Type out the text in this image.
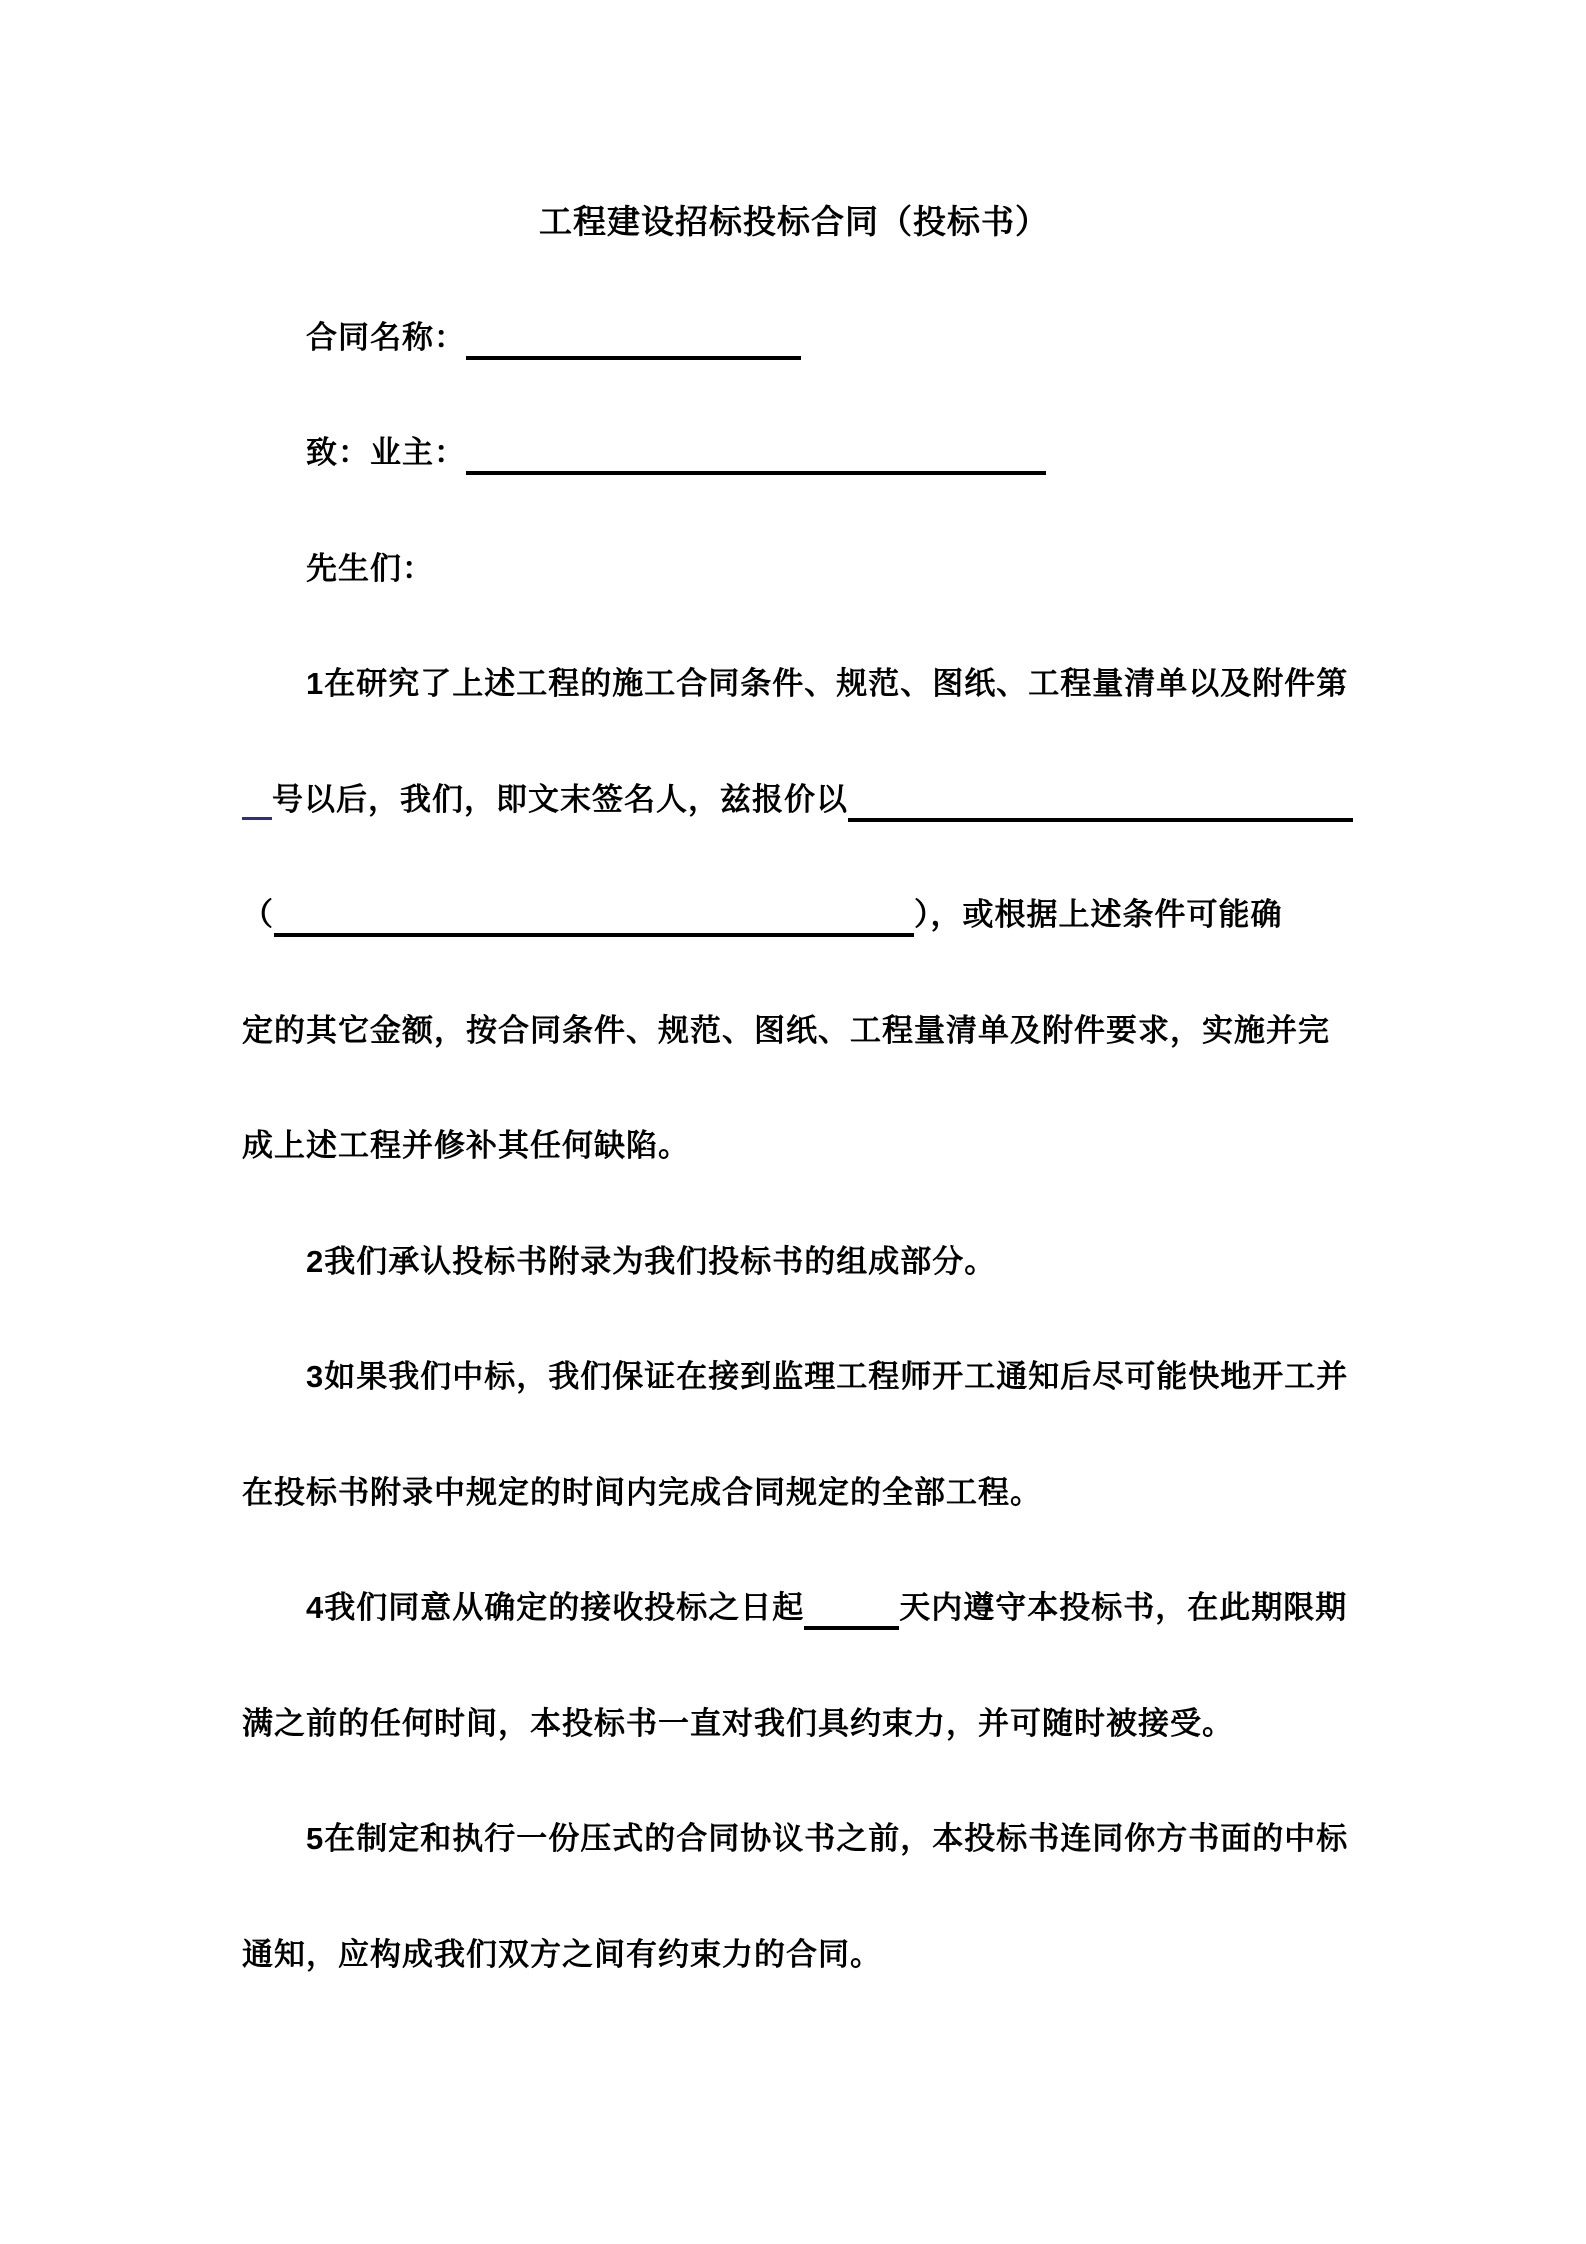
工程建设招标投标合同（投标书）
合同名称：
致：业主：
先生们：
1在研究了上述工程的施工合同条件、规范、图纸、工程量清单以及附件第
号以后，我们，即文末签名人，兹报价以
（	），或根据上述条件可能确
定的其它金额，按合同条件、规范、图纸、工程量清单及附件要求，实施并完
成上述工程并修补其任何缺陷。
2我们承认投标书附录为我们投标书的组成部分。
3如果我们中标，我们保证在接到监理工程师开工通知后尽可能快地开工并
在投标书附录中规定的时间内完成合同规定的全部工程。
4我们同意从确定的接收投标之日起	天内遵守本投标书，在此期限期
满之前的任何时间，本投标书一直对我们具约束力，并可随时被接受。
5在制定和执行一份压式的合同协议书之前，本投标书连同你方书面的中标
通知，应构成我们双方之间有约束力的合同。
